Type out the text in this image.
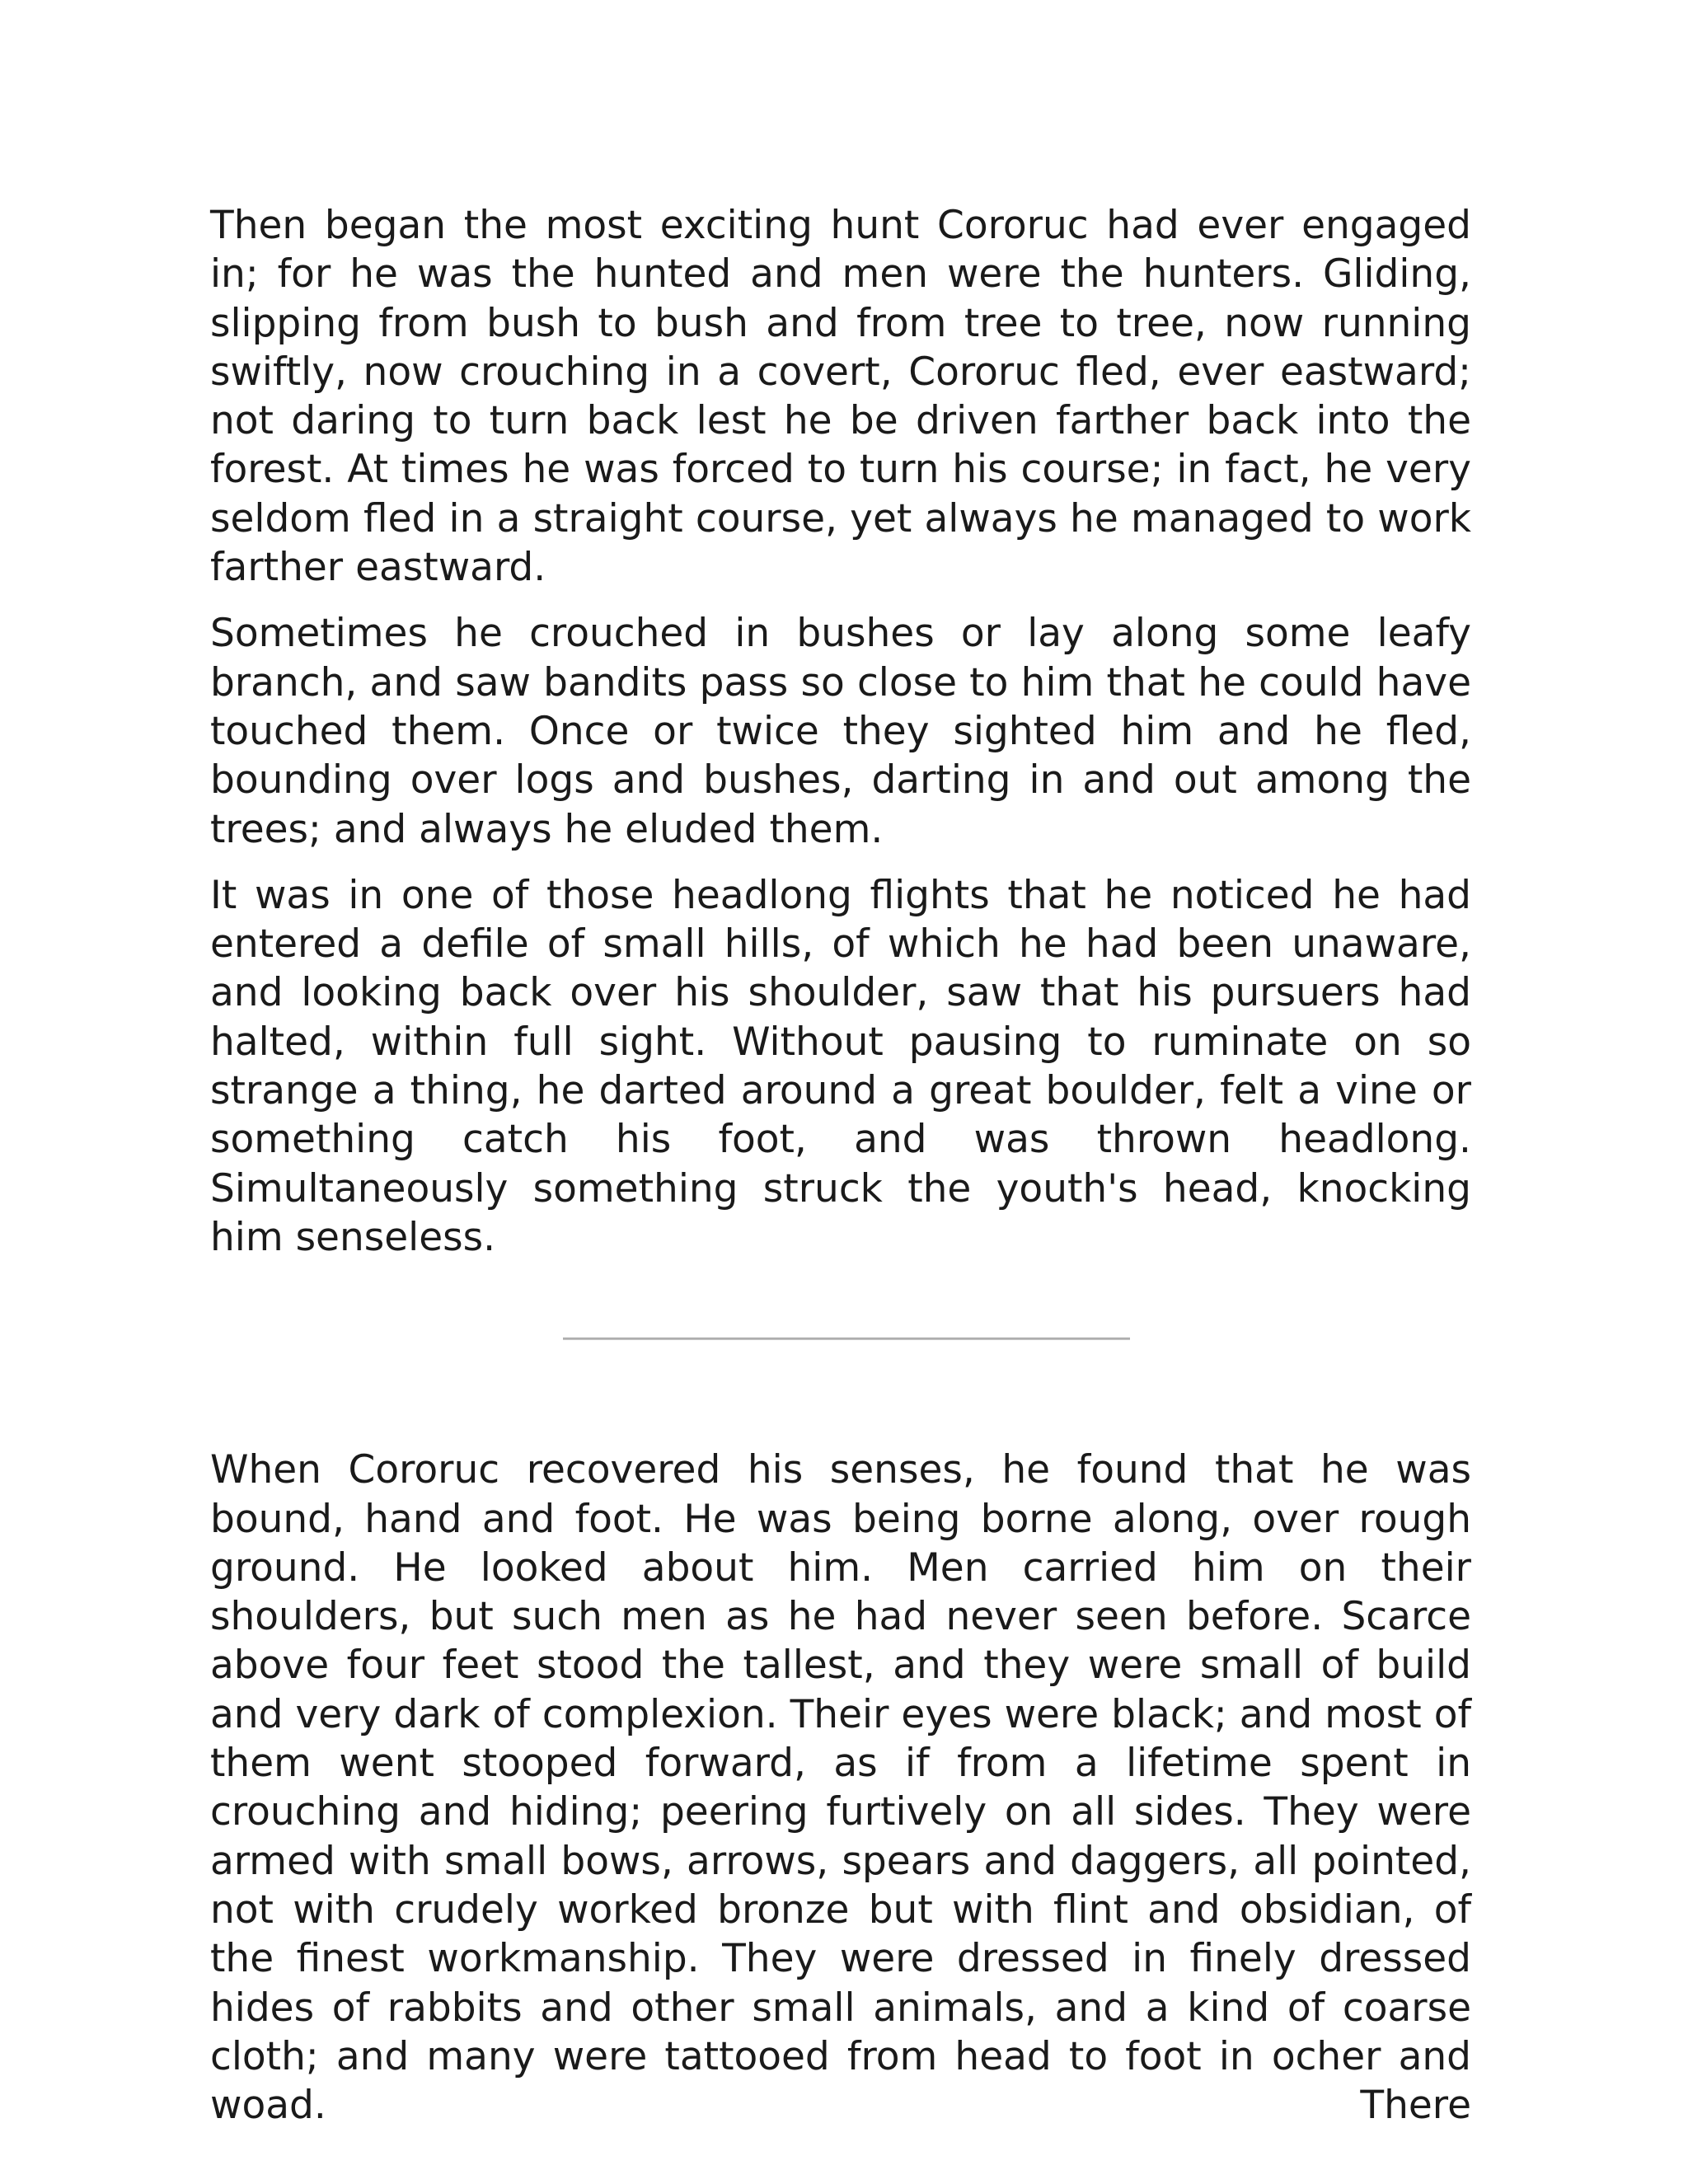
Then began the most exciting hunt Cororuc had ever engaged in; for he was the hunted and men were the hunters. Gliding, slipping from bush to bush and from tree to tree, now running swiftly, now crouching in a covert, Cororuc fled, ever eastward; not daring to turn back lest he be driven farther back into the forest. At times he was forced to turn his course; in fact, he very seldom fled in a straight course, yet always he managed to work farther eastward.

Sometimes he crouched in bushes or lay along some leafy branch, and saw bandits pass so close to him that he could have touched them. Once or twice they sighted him and he fled, bounding over logs and bushes, darting in and out among the trees; and always he eluded them.

It was in one of those headlong flights that he noticed he had entered a defile of small hills, of which he had been unaware, and looking back over his shoulder, saw that his pursuers had halted, within full sight. Without pausing to ruminate on so strange a thing, he darted around a great boulder, felt a vine or something catch his foot, and was thrown headlong. Simultaneously something struck the youth's head, knocking him senseless.

When Cororuc recovered his senses, he found that he was bound, hand and foot. He was being borne along, over rough ground. He looked about him. Men carried him on their shoulders, but such men as he had never seen before. Scarce above four feet stood the tallest, and they were small of build and very dark of complexion. Their eyes were black; and most of them went stooped forward, as if from a lifetime spent in crouching and hiding; peering furtively on all sides. They were armed with small bows, arrows, spears and daggers, all pointed, not with crudely worked bronze but with flint and obsidian, of the finest workmanship. They were dressed in finely dressed hides of rabbits and other small animals, and a kind of coarse cloth; and many were tattooed from head to foot in ocher and woad. There
